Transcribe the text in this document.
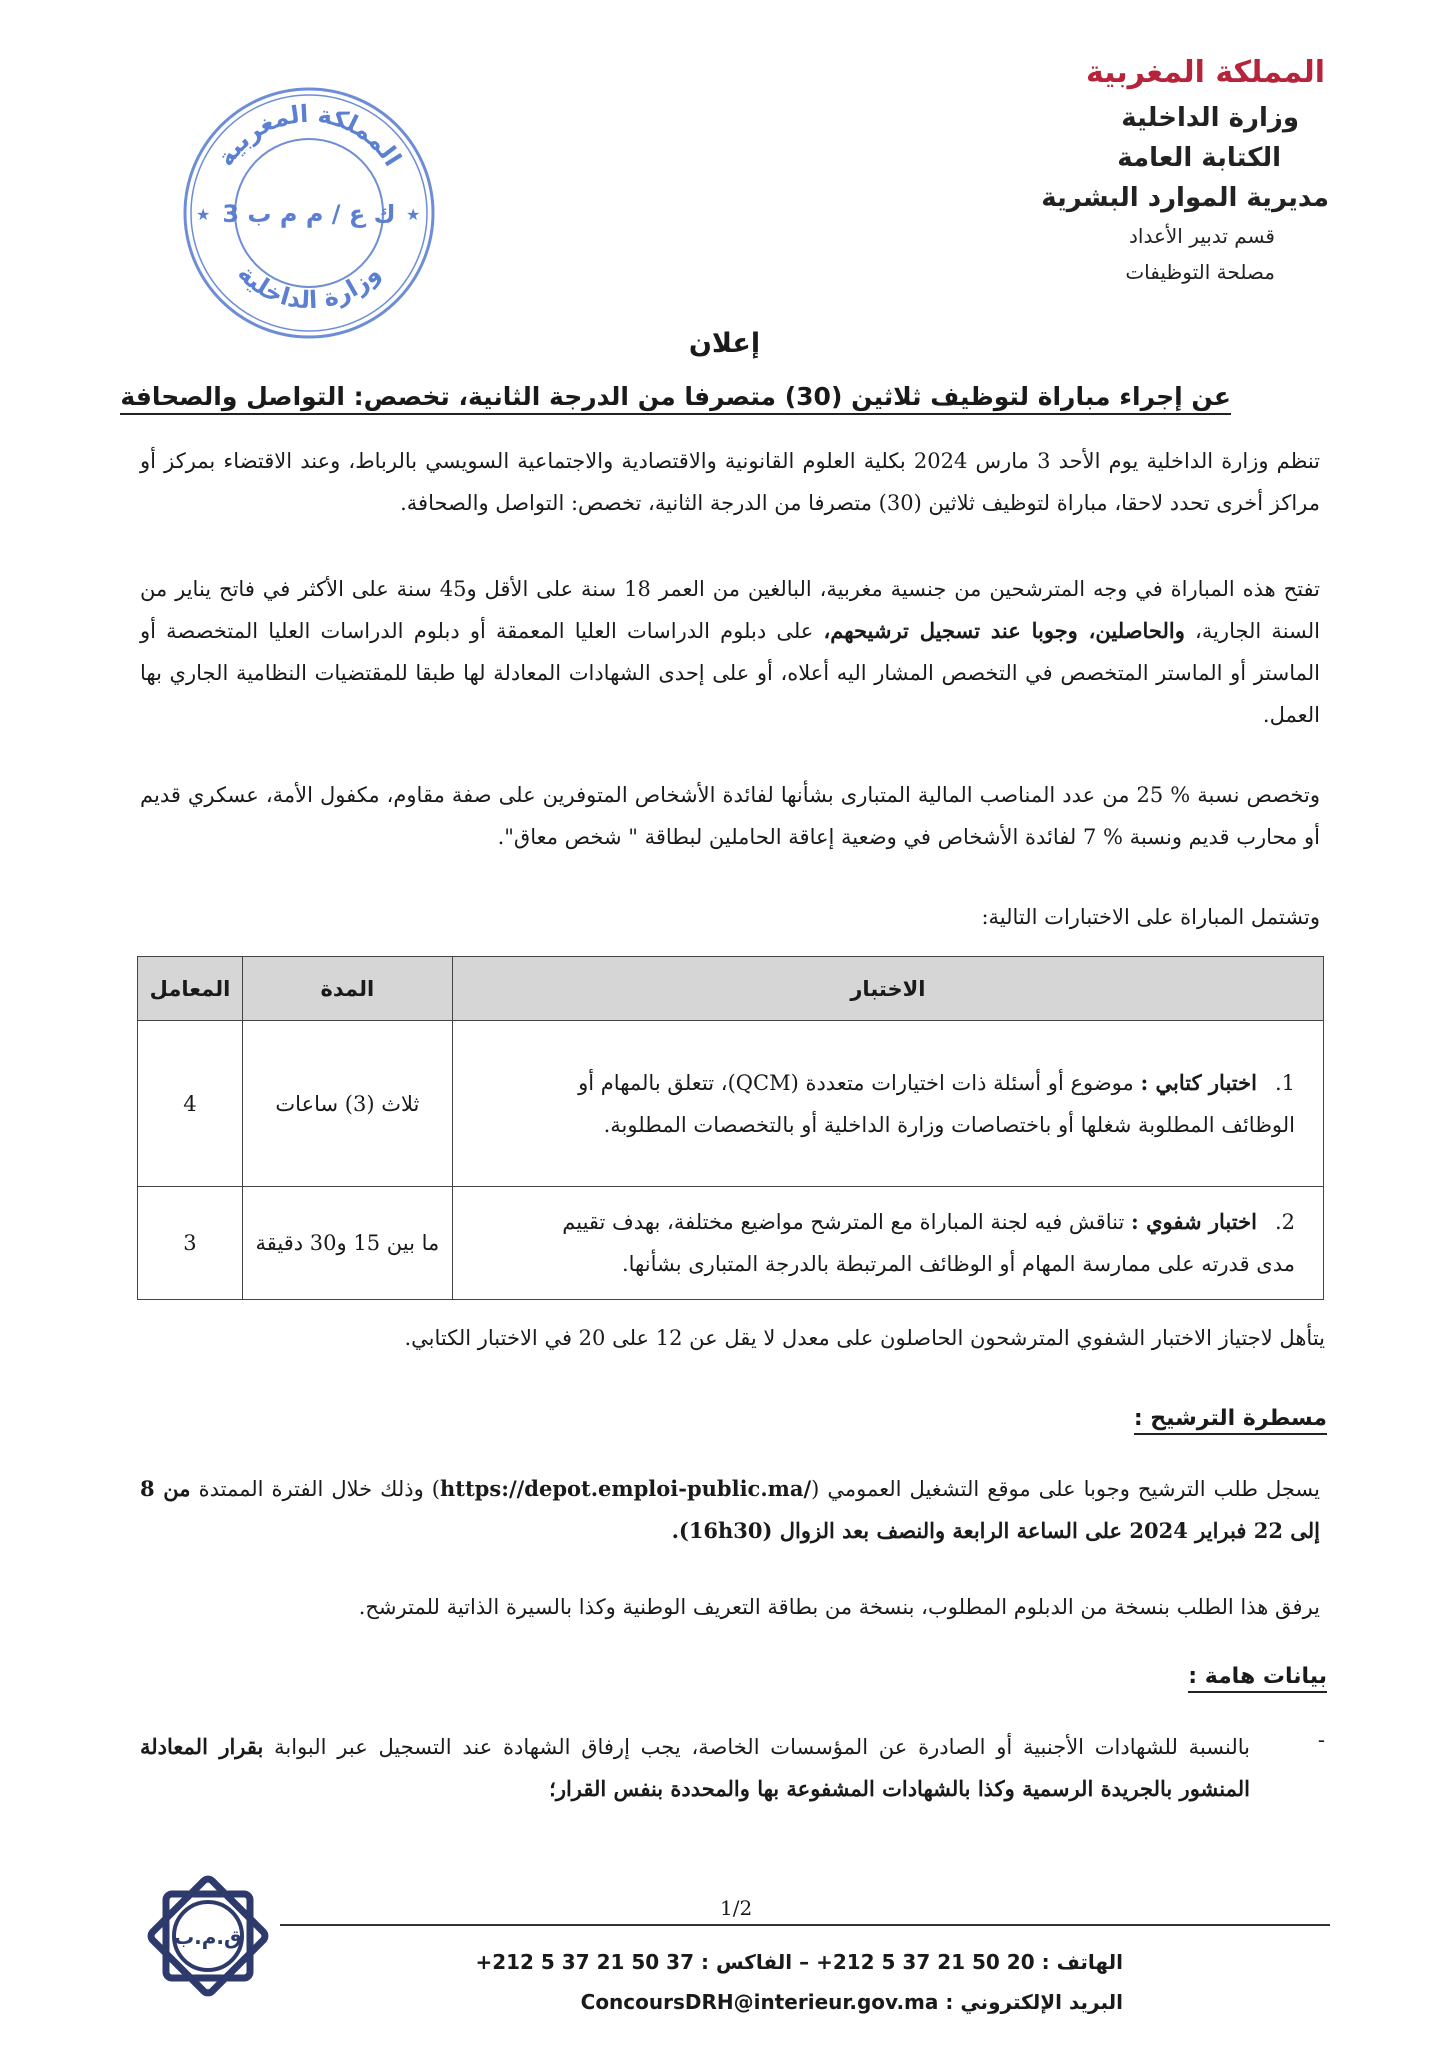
المملكة المغربية
وزارة الداخلية
الكتابة العامة
مديرية الموارد البشرية
قسم تدبير الأعداد
مصلحة التوظيفات
المملكة المغربية
وزارة الداخلية
ك ع / م م ب 3
★	★
إعلان
عن إجراء مباراة لتوظيف ثلاثين (30) متصرفا من الدرجة الثانية، تخصص: التواصل والصحافة
تنظم وزارة الداخلية يوم الأحد 3 مارس 2024 بكلية العلوم القانونية والاقتصادية والاجتماعية السويسي بالرباط، وعند الاقتضاء بمركز أو مراكز أخرى تحدد لاحقا، مباراة لتوظيف ثلاثين (30) متصرفا من الدرجة الثانية، تخصص: التواصل والصحافة.
تفتح هذه المباراة في وجه المترشحين من جنسية مغربية، البالغين من العمر 18 سنة على الأقل و45 سنة على الأكثر في فاتح يناير من السنة الجارية، والحاصلين، وجوبا عند تسجيل ترشيحهم، على دبلوم الدراسات العليا المعمقة أو دبلوم الدراسات العليا المتخصصة أو الماستر أو الماستر المتخصص في التخصص المشار اليه أعلاه، أو على إحدى الشهادات المعادلة لها طبقا للمقتضيات النظامية الجاري بها العمل.
وتخصص نسبة % 25 من عدد المناصب المالية المتبارى بشأنها لفائدة الأشخاص المتوفرين على صفة مقاوم، مكفول الأمة، عسكري قديم أو محارب قديم ونسبة % 7 لفائدة الأشخاص في وضعية إعاقة الحاملين لبطاقة " شخص معاق".
وتشتمل المباراة على الاختبارات التالية:
الاختبار	المدة	المعامل
1.اختبار كتابي : موضوع أو أسئلة ذات اختيارات متعددة (QCM)، تتعلق بالمهام أو الوظائف المطلوبة شغلها أو باختصاصات وزارة الداخلية أو بالتخصصات المطلوبة.	ثلاث (3) ساعات	4
2.اختبار شفوي : تناقش فيه لجنة المباراة مع المترشح مواضيع مختلفة، بهدف تقييم مدى قدرته على ممارسة المهام أو الوظائف المرتبطة بالدرجة المتبارى بشأنها.	ما بين 15 و30 دقيقة	3
يتأهل لاجتياز الاختبار الشفوي المترشحون الحاصلون على معدل لا يقل عن 12 على 20 في الاختبار الكتابي.
مسطرة الترشيح :
يسجل طلب الترشيح وجوبا على موقع التشغيل العمومي (https://depot.emploi-public.ma/) وذلك خلال الفترة الممتدة من 8 إلى 22 فبراير 2024 على الساعة الرابعة والنصف بعد الزوال (16h30).
يرفق هذا الطلب بنسخة من الدبلوم المطلوب، بنسخة من بطاقة التعريف الوطنية وكذا بالسيرة الذاتية للمترشح.
بيانات هامة :
-
بالنسبة للشهادات الأجنبية أو الصادرة عن المؤسسات الخاصة، يجب إرفاق الشهادة عند التسجيل عبر البوابة بقرار المعادلة المنشور بالجريدة الرسمية وكذا بالشهادات المشفوعة بها والمحددة بنفس القرار؛
1/2
ق.م.ب
الهاتف : +212 5 37 21 50 20 – الفاكس : +212 5 37 21 50 37
البريد الإلكتروني : ConcoursDRH@interieur.gov.ma
